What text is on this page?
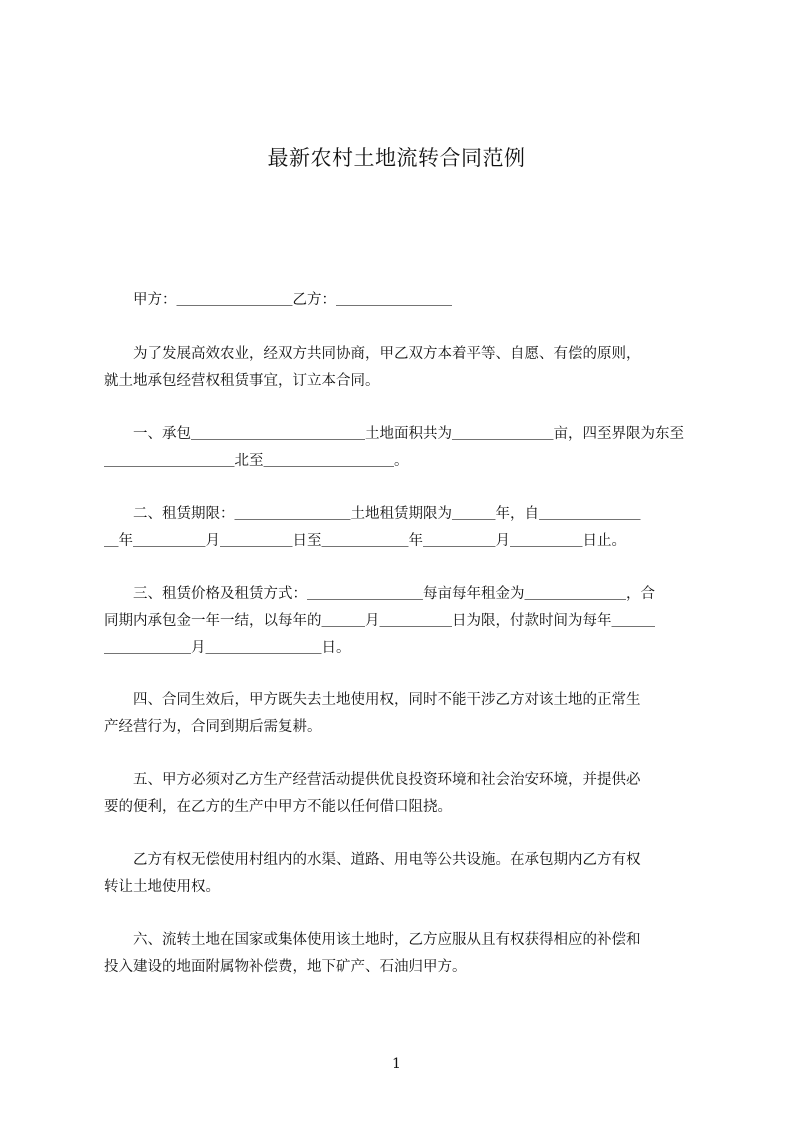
最新农村土地流转合同范例
　　甲方：＿＿＿＿＿＿＿＿乙方：＿＿＿＿＿＿＿＿
　　为了发展高效农业，经双方共同协商，甲乙双方本着平等、自愿、有偿的原则，
就土地承包经营权租赁事宜，订立本合同。
　　一、承包＿＿＿＿＿＿＿＿＿＿＿＿土地面积共为＿＿＿＿＿＿＿亩，四至界限为东至
＿＿＿＿＿＿＿＿＿北至＿＿＿＿＿＿＿＿＿。
　　二、租赁期限：＿＿＿＿＿＿＿＿土地租赁期限为＿＿＿年，自＿＿＿＿＿＿＿
＿年＿＿＿＿＿月＿＿＿＿＿日至＿＿＿＿＿＿年＿＿＿＿＿月＿＿＿＿＿日止。
　　三、租赁价格及租赁方式：＿＿＿＿＿＿＿＿每亩每年租金为＿＿＿＿＿＿＿，合
同期内承包金一年一结，以每年的＿＿＿月＿＿＿＿＿日为限，付款时间为每年＿＿＿
＿＿＿＿＿＿月＿＿＿＿＿＿＿＿日。
　　四、合同生效后，甲方既失去土地使用权，同时不能干涉乙方对该土地的正常生
产经营行为，合同到期后需复耕。
　　五、甲方必须对乙方生产经营活动提供优良投资环境和社会治安环境，并提供必
要的便利，在乙方的生产中甲方不能以任何借口阻挠。
　　乙方有权无偿使用村组内的水渠、道路、用电等公共设施。在承包期内乙方有权
转让土地使用权。
　　六、流转土地在国家或集体使用该土地时，乙方应服从且有权获得相应的补偿和
投入建设的地面附属物补偿费，地下矿产、石油归甲方。
1
